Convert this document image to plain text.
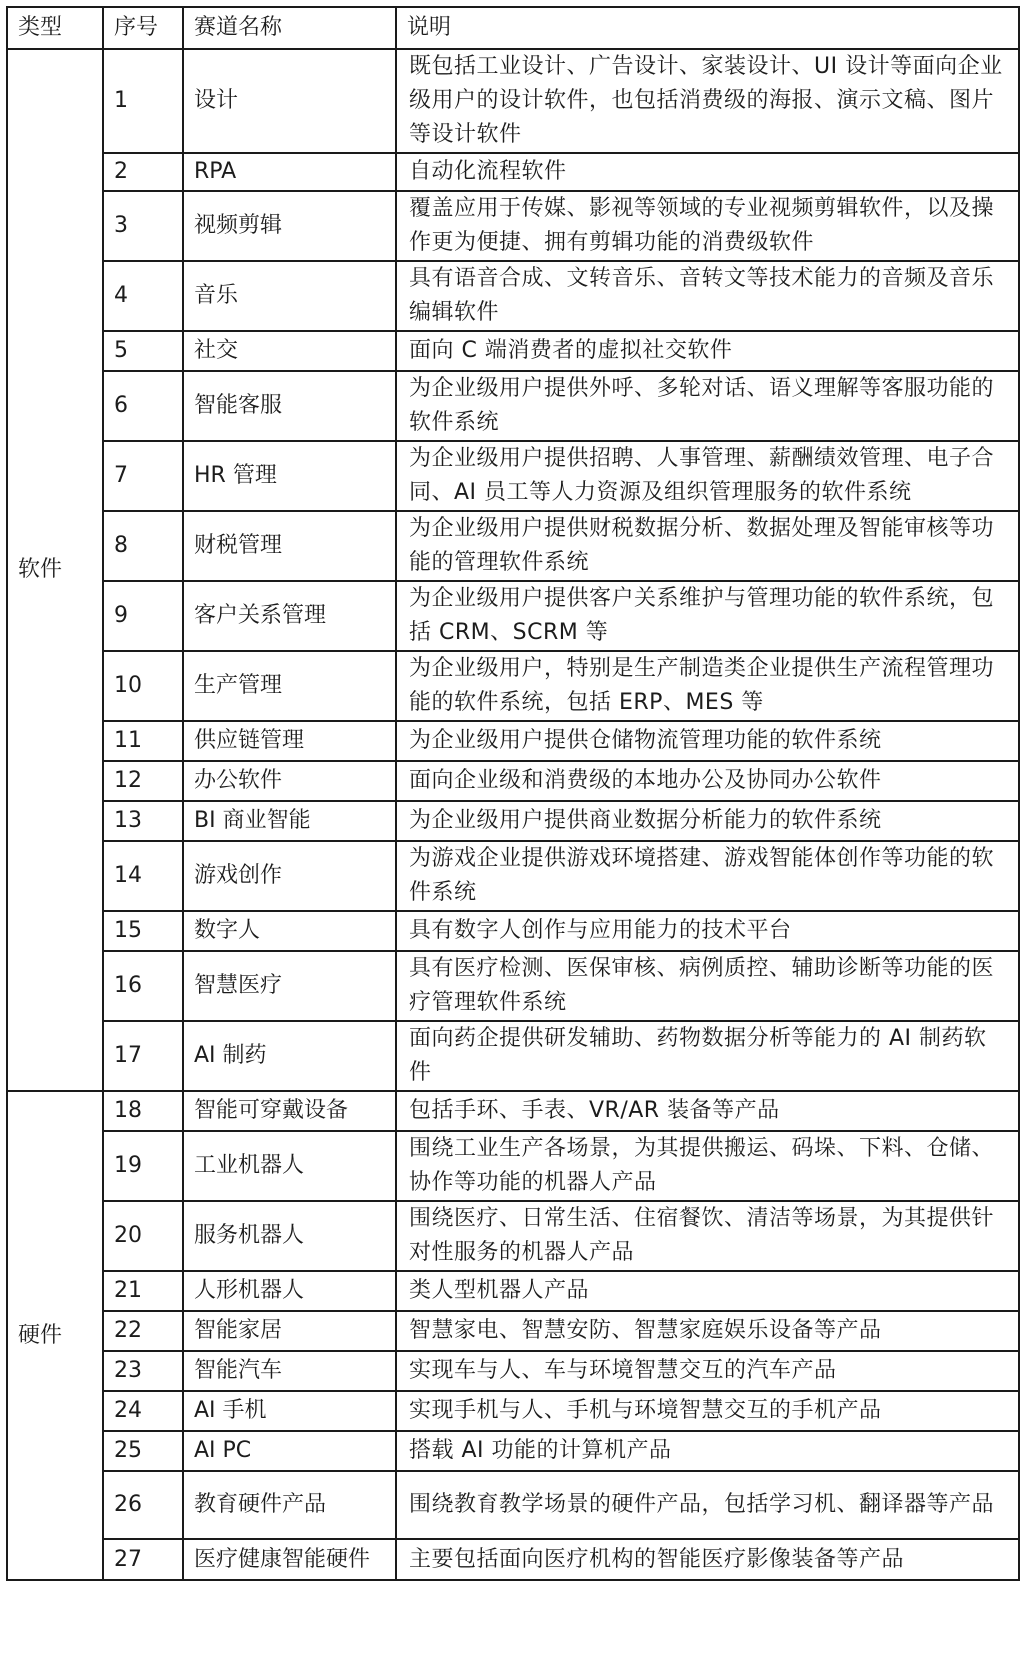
类型	序号	赛道名称	说明
软件	1	设计	既包括工业设计、广告设计、家装设计、UI 设计等面向企业级用户的设计软件，也包括消费级的海报、演示文稿、图片等设计软件
	2	RPA	自动化流程软件
	3	视频剪辑	覆盖应用于传媒、影视等领域的专业视频剪辑软件，以及操作更为便捷、拥有剪辑功能的消费级软件
	4	音乐	具有语音合成、文转音乐、音转文等技术能力的音频及音乐编辑软件
	5	社交	面向 C 端消费者的虚拟社交软件
	6	智能客服	为企业级用户提供外呼、多轮对话、语义理解等客服功能的软件系统
	7	HR 管理	为企业级用户提供招聘、人事管理、薪酬绩效管理、电子合同、AI 员工等人力资源及组织管理服务的软件系统
	8	财税管理	为企业级用户提供财税数据分析、数据处理及智能审核等功能的管理软件系统
	9	客户关系管理	为企业级用户提供客户关系维护与管理功能的软件系统，包括 CRM、SCRM 等
	10	生产管理	为企业级用户，特别是生产制造类企业提供生产流程管理功能的软件系统，包括 ERP、MES 等
	11	供应链管理	为企业级用户提供仓储物流管理功能的软件系统
	12	办公软件	面向企业级和消费级的本地办公及协同办公软件
	13	BI 商业智能	为企业级用户提供商业数据分析能力的软件系统
	14	游戏创作	为游戏企业提供游戏环境搭建、游戏智能体创作等功能的软件系统
	15	数字人	具有数字人创作与应用能力的技术平台
	16	智慧医疗	具有医疗检测、医保审核、病例质控、辅助诊断等功能的医疗管理软件系统
	17	AI 制药	面向药企提供研发辅助、药物数据分析等能力的 AI 制药软件
硬件	18	智能可穿戴设备	包括手环、手表、VR/AR 装备等产品
	19	工业机器人	围绕工业生产各场景，为其提供搬运、码垛、下料、仓储、协作等功能的机器人产品
	20	服务机器人	围绕医疗、日常生活、住宿餐饮、清洁等场景，为其提供针对性服务的机器人产品
	21	人形机器人	类人型机器人产品
	22	智能家居	智慧家电、智慧安防、智慧家庭娱乐设备等产品
	23	智能汽车	实现车与人、车与环境智慧交互的汽车产品
	24	AI 手机	实现手机与人、手机与环境智慧交互的手机产品
	25	AI PC	搭载 AI 功能的计算机产品
	26	教育硬件产品	围绕教育教学场景的硬件产品，包括学习机、翻译器等产品
	27	医疗健康智能硬件	主要包括面向医疗机构的智能医疗影像装备等产品
